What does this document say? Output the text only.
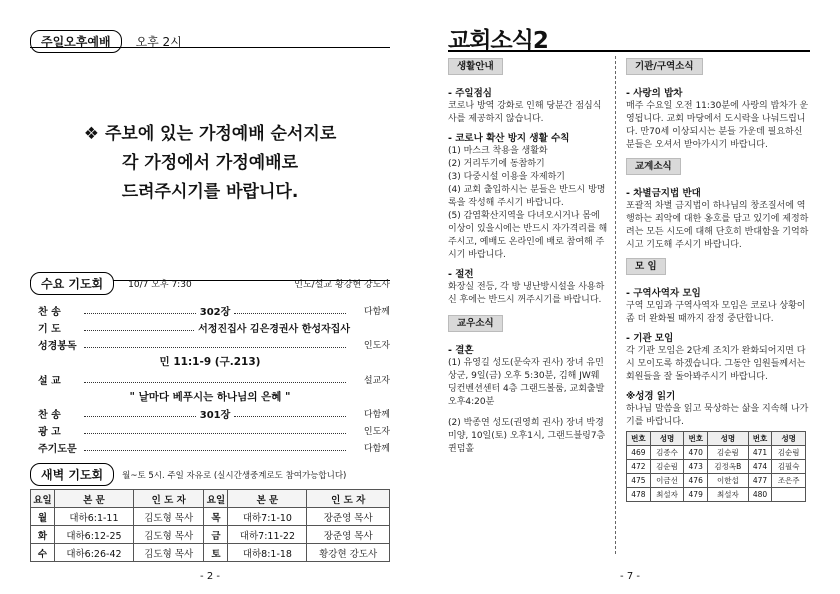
주일오후예배	오후 2시
❖ 주보에 있는 가정예배 순서지로
각 가정에서 가정예배로
드려주시기를 바랍니다.
수요 기도회	10/7 오후 7:30	인도/설교 황강현 강도사
찬 송	302장	다함께
기 도	서정진집사 김은경권사 한성자집사
성경봉독	인도자
민 11:1-9 (구.213)
설 교	설교자
" 날마다 베푸시는 하나님의 은혜 "
찬 송	301장	다함께
광 고	인도자
주기도문	다함께
새벽 기도회	월~토 5시. 주일 자유로 (실시간생중계로도 참여가능합니다)
요일	본 문	인 도 자	요일	본 문	인 도 자
월	대하6:1-11	김도형 목사	목	대하7:1-10	장준영 목사
화	대하6:12-25	김도형 목사	금	대하7:11-22	장준영 목사
수	대하6:26-42	김도형 목사	토	대하8:1-18	황강현 강도사
- 2 -
교회소식2
생활안내
- 주일점심
코로나 방역 강화로 인해 당분간 점심식사를 제공하지 않습니다.
- 코로나 확산 방지 생활 수칙
(1) 마스크 착용을 생활화
(2) 거리두기에 동참하기
(3) 다중시설 이용을 자제하기
(4) 교회 출입하시는 분들은 반드시 방명록을 작성해 주시기 바랍니다.
(5) 감염확산지역을 다녀오시거나 몸에 이상이 있을시에는 반드시 자가격리를 해주시고, 예배도 온라인에 배로 참여해 주시기 바랍니다.
- 절전
화장실 전등, 각 방 냉난방시설을 사용하신 후에는 반드시 꺼주시기를 바랍니다.
교우소식
- 결혼
(1) 유영길 성도(문숙자 권사) 장녀 유민상군, 9일(금) 오후 5:30분, 김해 JW웨딩컨벤션센터 4층 그랜드볼룸, 교회출발 오후4:20분
(2) 박종연 성도(권영희 권사) 장녀 박경미양, 10일(토) 오후1시, 그랜드블링7층 퀸덤홀
기관/구역소식
- 사랑의 밥차
매주 수요일 오전 11:30분에 사랑의 밥차가 운영됩니다. 교회 마당에서 도시락을 나눠드립니다. 만70세 이상되시는 분들 가운데 필요하신 분들은 오셔서 받아가시기 바랍니다.
교계소식
- 차별금지법 반대
포괄적 차별 금지법이 하나님의 창조질서에 역행하는 죄악에 대한 옹호를 담고 있기에 제정하려는 모든 시도에 대해 단호히 반대함을 기억하시고 기도해 주시기 바랍니다.
모 임
- 구역사역자 모임
구역 모임과 구역사역자 모임은 코로나 상황이 좀 더 완화될 때까지 잠정 중단합니다.
- 기관 모임
각 기관 모임은 2단계 조치가 완화되어지면 다시 모이도록 하겠습니다. 그동안 임원들께서는 회원들을 잘 돌아봐주시기 바랍니다.
※성경 읽기
하나님 말씀을 읽고 묵상하는 삶을 지속해 나가기를 바랍니다.
번호	성명	번호	성명	번호	성명
469	김종수	470	김순림	471	김순림
472	김순림	473	김정옥B	474	김필숙
475	이금선	476	이한섭	477	조은주
478	최설자	479	최설자	480	
- 7 -
